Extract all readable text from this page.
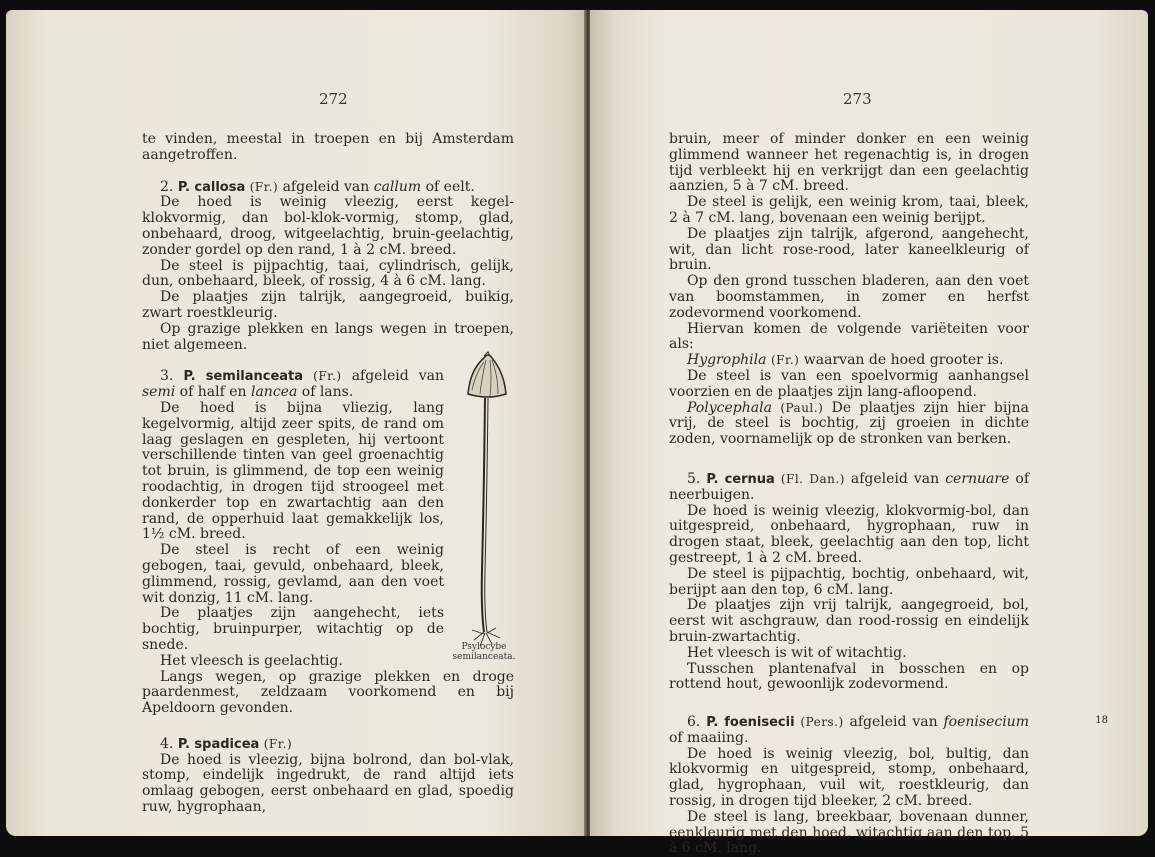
272

te vinden, meestal in troepen en bij Amsterdam aangetroffen.

2. P. callosa (Fr.) afgeleid van callum of eelt.

De hoed is weinig vleezig, eerst kegel-klokvormig, dan bol-klok-vormig, stomp, glad, onbehaard, droog, witgeelachtig, bruin-geelachtig, zonder gordel op den rand, 1 à 2 cM. breed.

De steel is pijpachtig, taai, cylindrisch, gelijk, dun, onbehaard, bleek, of rossig, 4 à 6 cM. lang.

De plaatjes zijn talrijk, aangegroeid, buikig, zwart roestkleurig.

Op grazige plekken en langs wegen in troepen, niet algemeen.

3. P. semilanceata (Fr.) afgeleid van semi of half en lancea of lans.

De hoed is bijna vliezig, lang kegelvormig, altijd zeer spits, de rand om laag geslagen en gespleten, hij vertoont verschillende tinten van geel groenachtig tot bruin, is glimmend, de top een weinig roodachtig, in drogen tijd stroogeel met donkerder top en zwartachtig aan den rand, de opperhuid laat gemakkelijk los, 1½ cM. breed.

De steel is recht of een weinig gebogen, taai, gevuld, onbehaard, bleek, glimmend, rossig, gevlamd, aan den voet wit donzig, 11 cM. lang.

De plaatjes zijn aangehecht, iets bochtig, bruinpurper, witachtig op de snede.

Het vleesch is geelachtig.

Langs wegen, op grazige plekken en droge paardenmest, zeldzaam voorkomend en bij Apeldoorn gevonden.

4. P. spadicea (Fr.)

De hoed is vleezig, bijna bolrond, dan bol-vlak, stomp, eindelijk ingedrukt, de rand altijd iets omlaag gebogen, eerst onbehaard en glad, spoedig ruw, hygrophaan,

Psylocybe semilanceata.
273

bruin, meer of minder donker en een weinig glimmend wanneer het regenachtig is, in drogen tijd verbleekt hij en verkrijgt dan een geelachtig aanzien, 5 à 7 cM. breed.

De steel is gelijk, een weinig krom, taai, bleek, 2 à 7 cM. lang, bovenaan een weinig berijpt.

De plaatjes zijn talrijk, afgerond, aangehecht, wit, dan licht rose-rood, later kaneelkleurig of bruin.

Op den grond tusschen bladeren, aan den voet van boomstammen, in zomer en herfst zodevormend voorkomend.

Hiervan komen de volgende variëteiten voor als:

Hygrophila (Fr.) waarvan de hoed grooter is.

De steel is van een spoelvormig aanhangsel voorzien en de plaatjes zijn lang-afloopend.

Polycephala (Paul.) De plaatjes zijn hier bijna vrij, de steel is bochtig, zij groeien in dichte zoden, voornamelijk op de stronken van berken.

5. P. cernua (Fl. Dan.) afgeleid van cernuare of neerbuigen.

De hoed is weinig vleezig, klokvormig-bol, dan uitgespreid, onbehaard, hygrophaan, ruw in drogen staat, bleek, geelachtig aan den top, licht gestreept, 1 à 2 cM. breed.

De steel is pijpachtig, bochtig, onbehaard, wit, berijpt aan den top, 6 cM. lang.

De plaatjes zijn vrij talrijk, aangegroeid, bol, eerst wit aschgrauw, dan rood-rossig en eindelijk bruin-zwartachtig.

Het vleesch is wit of witachtig.

Tusschen plantenafval in bosschen en op rottend hout, gewoonlijk zodevormend.

6. P. foenisecii (Pers.) afgeleid van foenisecium of maaiing.

De hoed is weinig vleezig, bol, bultig, dan klokvormig en uitgespreid, stomp, onbehaard, glad, hygrophaan, vuil wit, roestkleurig, dan rossig, in drogen tijd bleeker, 2 cM. breed.

De steel is lang, breekbaar, bovenaan dunner, eenkleurig met den hoed, witachtig aan den top, 5 à 6 cM. lang.

18
